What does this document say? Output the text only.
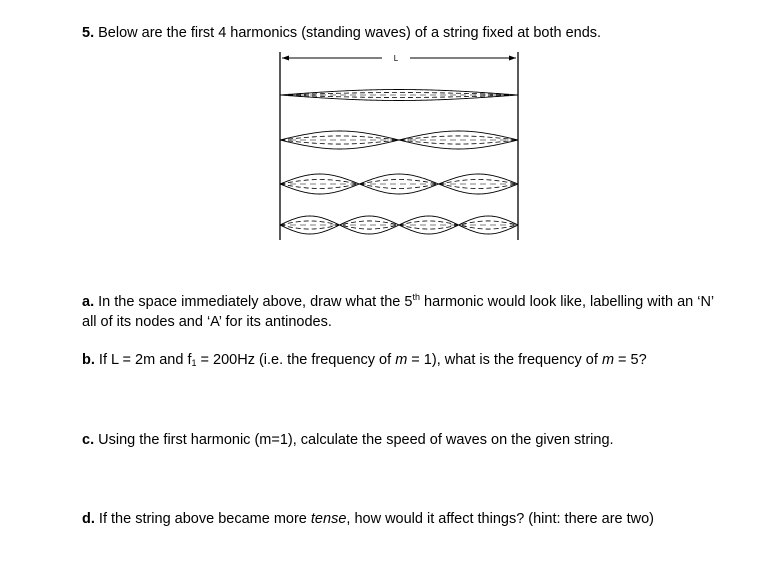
5. Below are the first 4 harmonics (standing waves) of a string fixed at both ends.
L
a. In the space immediately above, draw what the 5th harmonic would look like, labelling with an ‘N’ all of its nodes and ‘A’ for its antinodes.
b. If L = 2m and $f_1 = 200Hz$ (i.e. the frequency of m = 1), what is the frequency of m = 5?
c. Using the first harmonic (m=1), calculate the speed of waves on the given string.
d. If the string above became more tense, how would it affect things? (hint: there are two)
